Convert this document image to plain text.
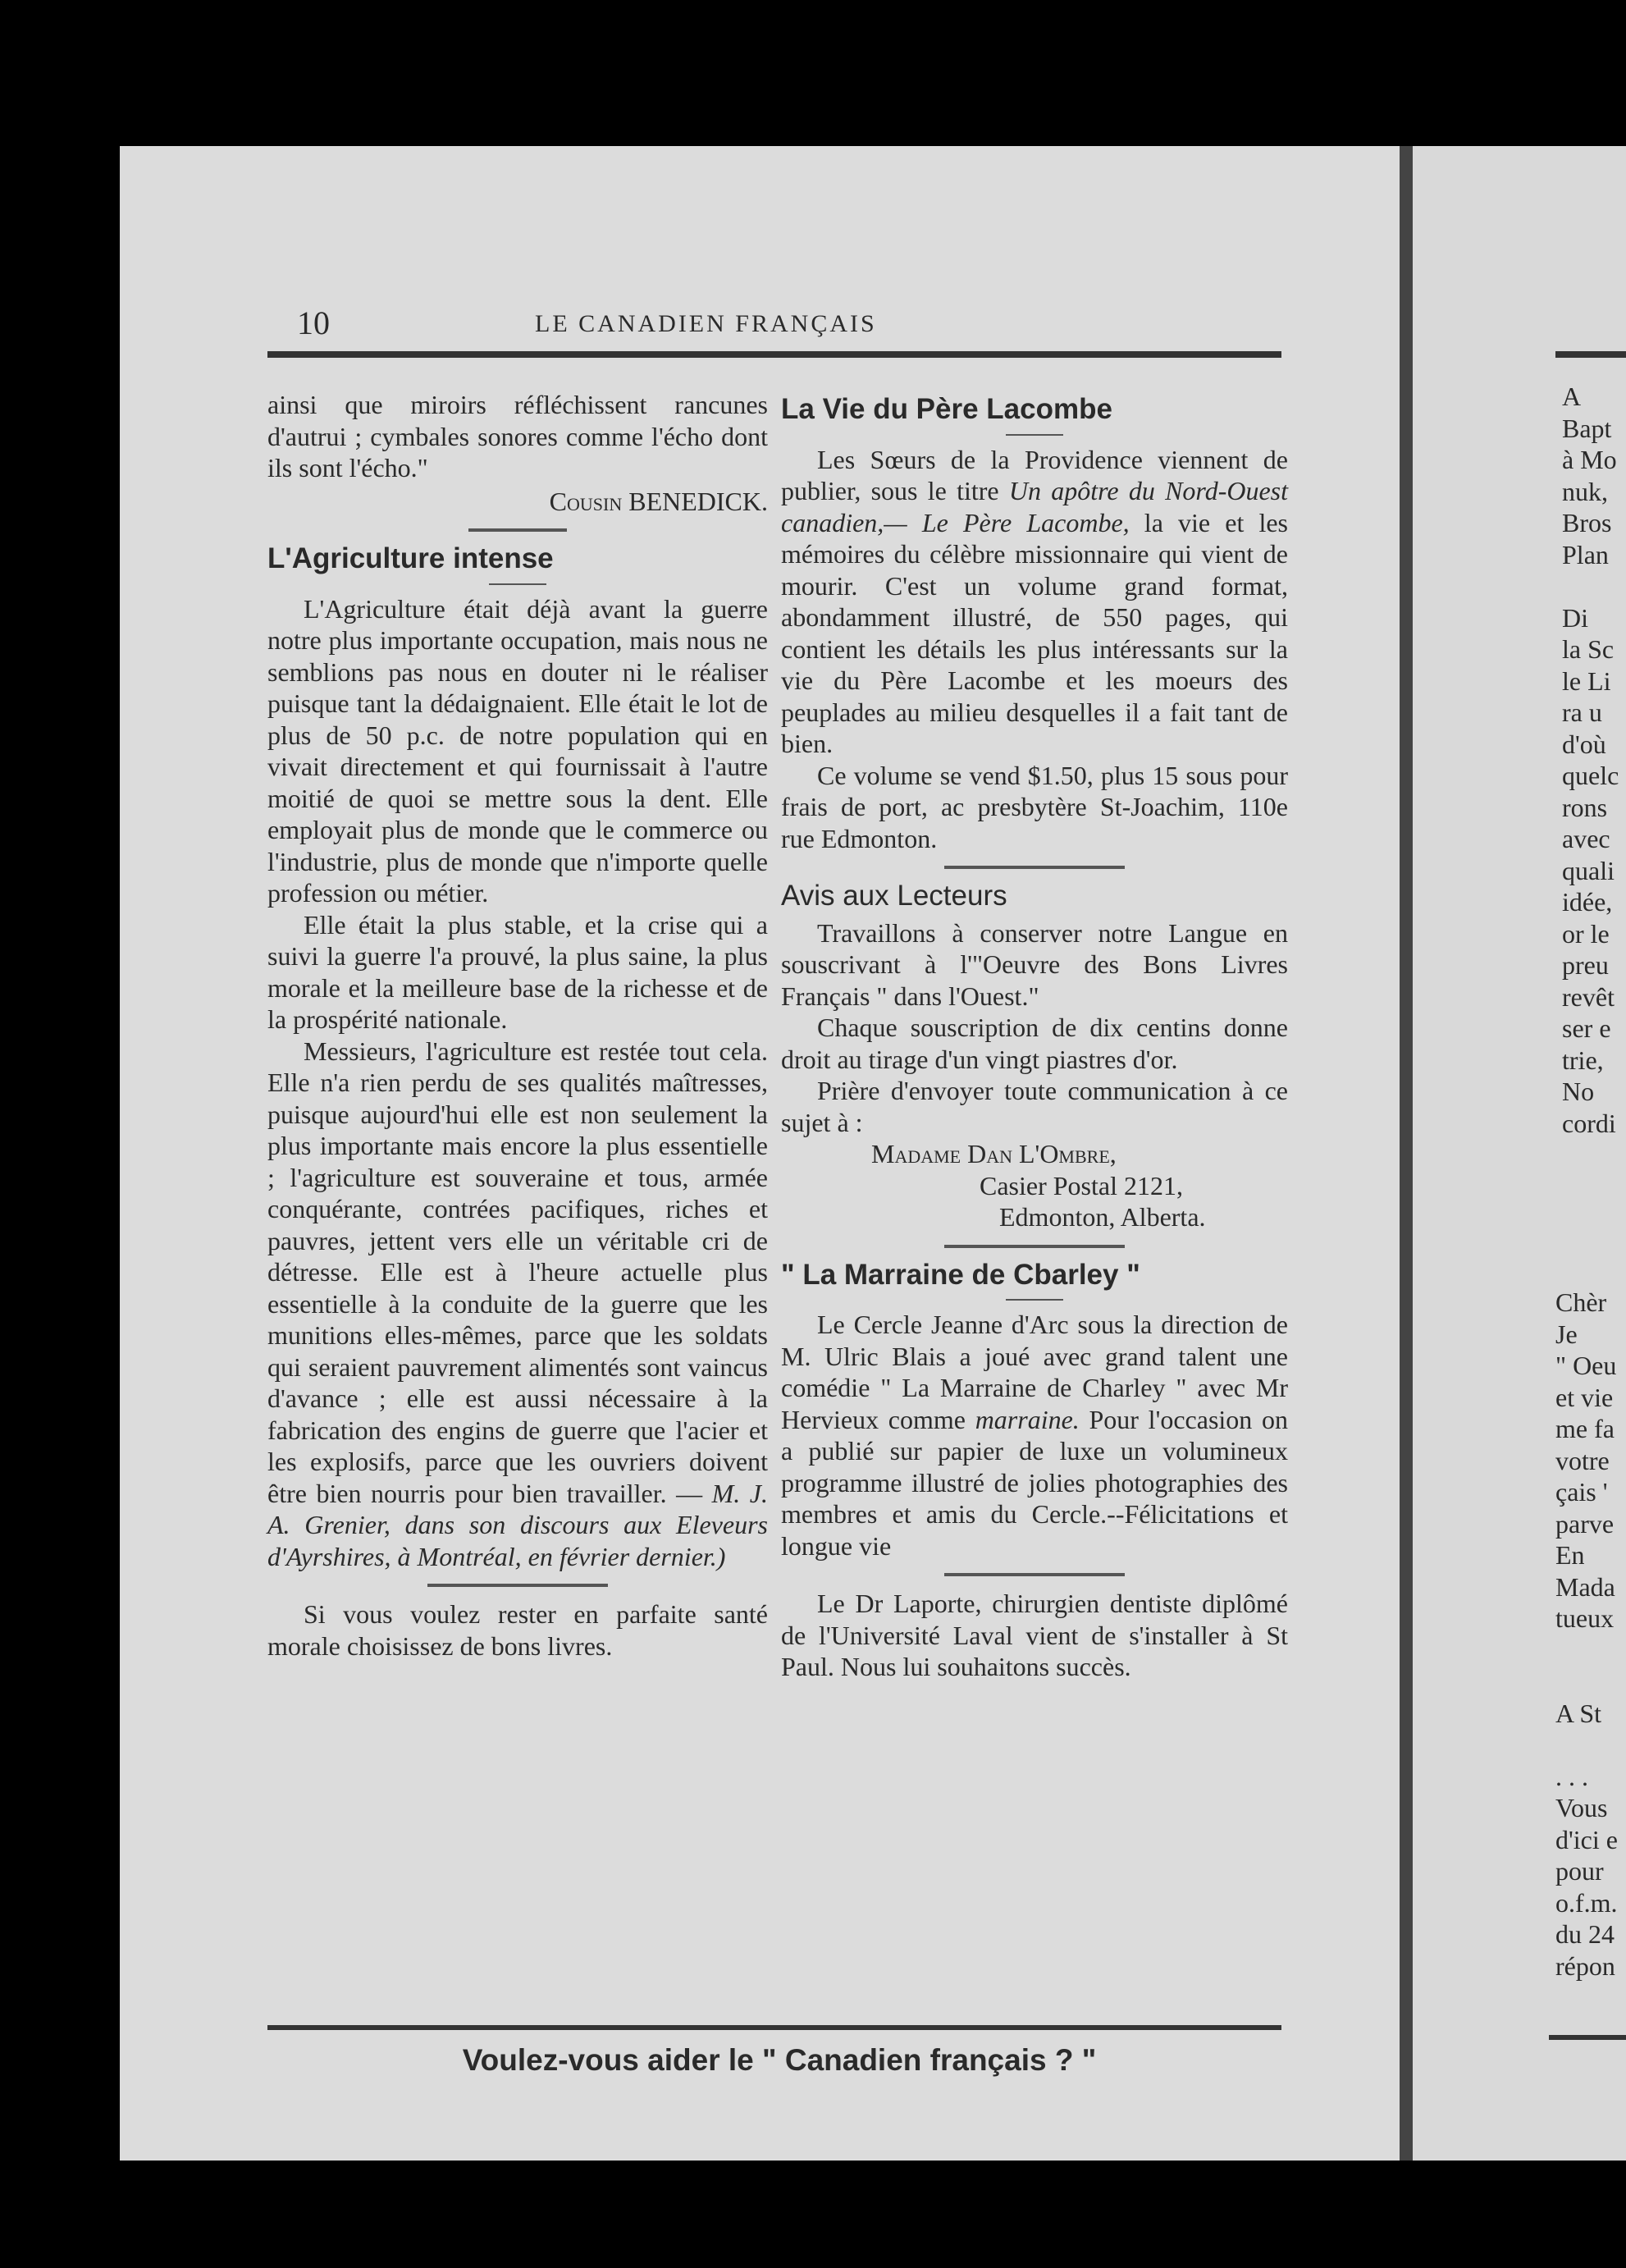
10	LE CANADIEN FRANÇAIS

ainsi que miroirs réfléchissent rancunes d'autrui ; cymbales sonores comme l'écho dont ils sont l'écho."

Cousin BENEDICK.

L'Agriculture intense

L'Agriculture était déjà avant la guerre notre plus importante occupation, mais nous ne semblions pas nous en douter ni le réaliser puisque tant la dédaignaient. Elle était le lot de plus de 50 p.c. de notre population qui en vivait directement et qui fournissait à l'autre moitié de quoi se mettre sous la dent. Elle employait plus de monde que le commerce ou l'industrie, plus de monde que n'importe quelle profession ou métier.

Elle était la plus stable, et la crise qui a suivi la guerre l'a prouvé, la plus saine, la plus morale et la meilleure base de la richesse et de la prospérité nationale.

Messieurs, l'agriculture est restée tout cela. Elle n'a rien perdu de ses qualités maîtresses, puisque aujourd'hui elle est non seulement la plus importante mais encore la plus essentielle ; l'agriculture est souveraine et tous, armée conquérante, contrées pacifiques, riches et pauvres, jettent vers elle un véritable cri de détresse. Elle est à l'heure actuelle plus essentielle à la conduite de la guerre que les munitions elles-mêmes, parce que les soldats qui seraient pauvrement alimentés sont vaincus d'avance ; elle est aussi nécessaire à la fabrication des engins de guerre que l'acier et les explosifs, parce que les ouvriers doivent être bien nourris pour bien travailler. — M. J. A. Grenier, dans son discours aux Eleveurs d'Ayrshires, à Montréal, en février dernier.)

Si vous voulez rester en parfaite santé morale choisissez de bons livres.

La Vie du Père Lacombe

Les Sœurs de la Providence viennent de publier, sous le titre Un apôtre du Nord-Ouest canadien,— Le Père Lacombe, la vie et les mémoires du célèbre missionnaire qui vient de mourir. C'est un volume grand format, abondamment illustré, de 550 pages, qui contient les détails les plus intéressants sur la vie du Père Lacombe et les moeurs des peuplades au milieu desquelles il a fait tant de bien.

Ce volume se vend $1.50, plus 15 sous pour frais de port, ac presbytère St-Joachim, 110e rue Edmonton.

Avis aux Lecteurs

Travaillons à conserver notre Langue en souscrivant à l'"Oeuvre des Bons Livres Français " dans l'Ouest."

Chaque souscription de dix centins donne droit au tirage d'un vingt piastres d'or.

Prière d'envoyer toute communication à ce sujet à :

Madame Dan L'Ombre,

Casier Postal 2121,

Edmonton, Alberta.

" La Marraine de Cbarley "

Le Cercle Jeanne d'Arc sous la direction de M. Ulric Blais a joué avec grand talent une comédie " La Marraine de Charley " avec Mr Hervieux comme marraine. Pour l'occasion on a publié sur papier de luxe un volumineux programme illustré de jolies photographies des membres et amis du Cercle.--Félicitations et longue vie

Le Dr Laporte, chirurgien dentiste diplômé de l'Université Laval vient de s'installer à St Paul. Nous lui souhaitons succès.

Voulez-vous aider le " Canadien français ? "
A
Bapt
à Mo
nuk,
Bros
Plan

Di
la Sc
le Li
ra u
d'où
quelc
rons
avec
quali
idée,
or le
preu
revêt
ser e
trie,
No
cordi
Chèr
Je
" Oeu
et vie
me fa
votre
çais '
parve
En
Mada
tueux

A St

. . .
Vous
d'ici e
pour
o.f.m.
du 24
répon
